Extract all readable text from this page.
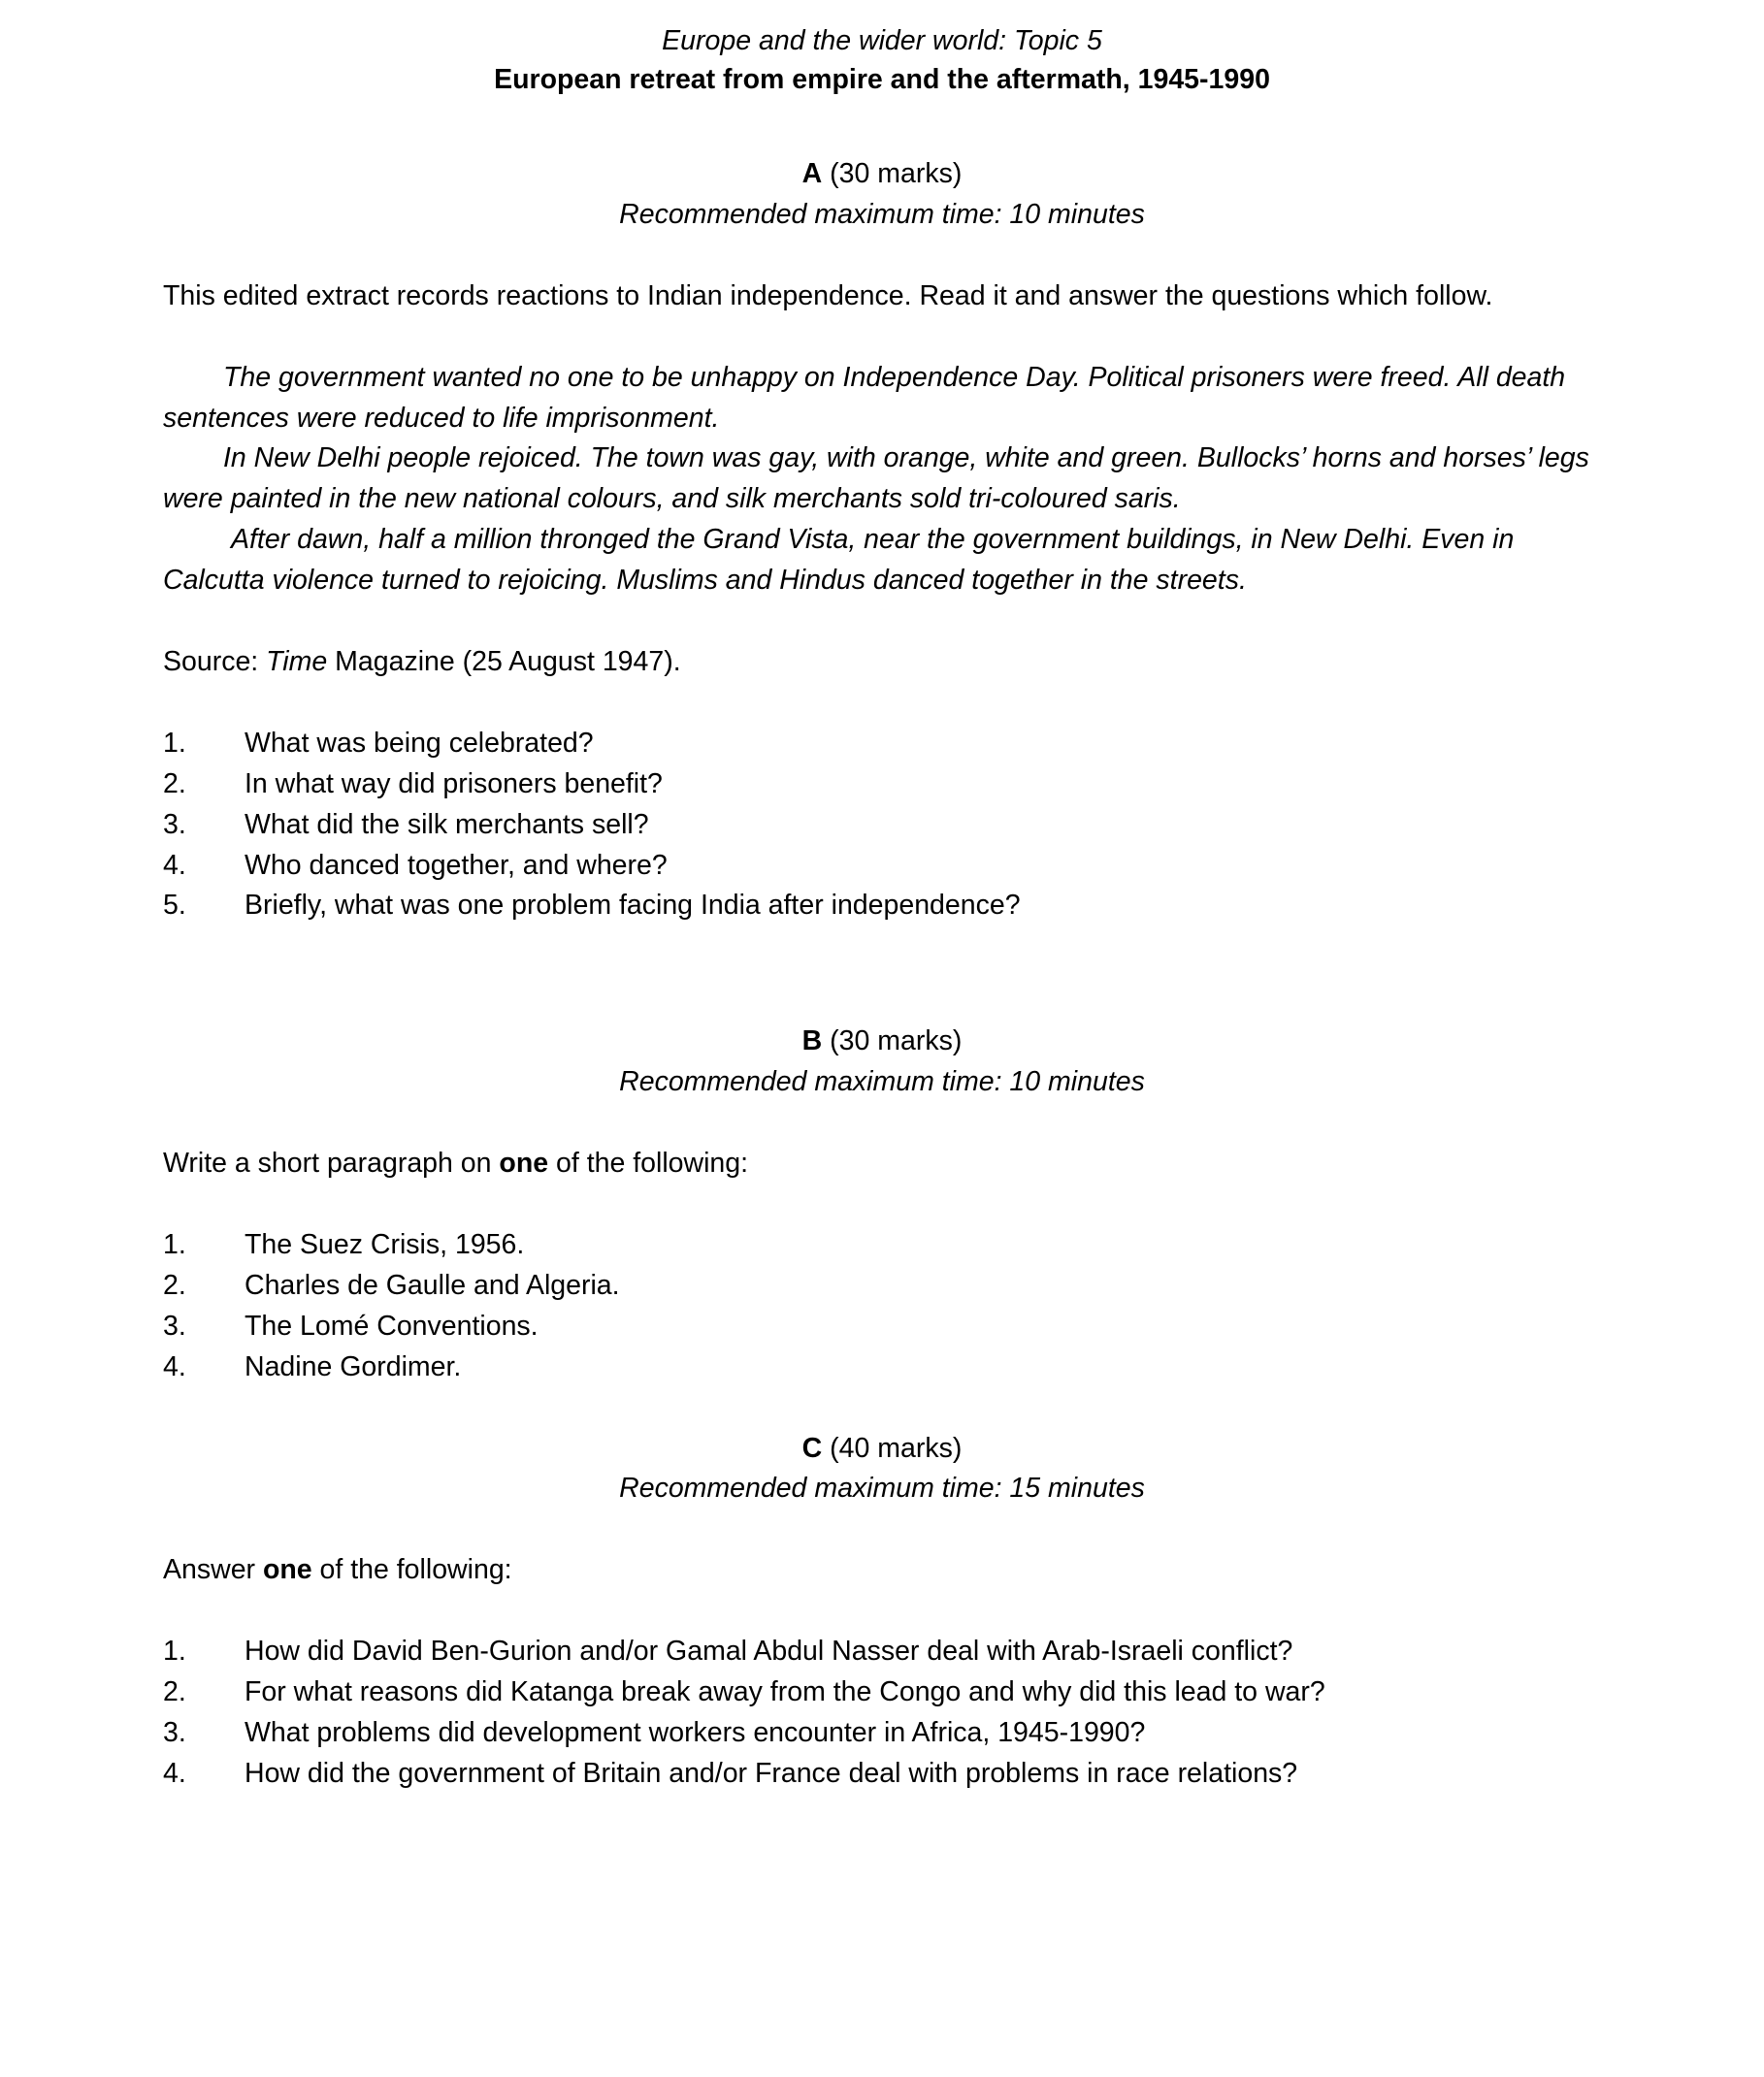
Europe and the wider world: Topic 5
European retreat from empire and the aftermath, 1945-1990
A (30 marks)
Recommended maximum time: 10 minutes
This edited extract records reactions to Indian independence. Read it and answer the questions which follow.

The government wanted no one to be unhappy on Independence Day. Political prisoners were freed. All death sentences were reduced to life imprisonment.

In New Delhi people rejoiced. The town was gay, with orange, white and green. Bullocks’ horns and horses’ legs were painted in the new national colours, and silk merchants sold tri-coloured saris.

After dawn, half a million thronged the Grand Vista, near the government buildings, in New Delhi. Even in Calcutta violence turned to rejoicing. Muslims and Hindus danced together in the streets.

Source: Time Magazine (25 August 1947).
1.	What was being celebrated?
2.	In what way did prisoners benefit?
3.	What did the silk merchants sell?
4.	Who danced together, and where?
5.	Briefly, what was one problem facing India after independence?
B (30 marks)
Recommended maximum time: 10 minutes
Write a short paragraph on one of the following:
1.	The Suez Crisis, 1956.
2.	Charles de Gaulle and Algeria.
3.	The Lomé Conventions.
4.	Nadine Gordimer.
C (40 marks)
Recommended maximum time: 15 minutes
Answer one of the following:
1.	How did David Ben-Gurion and/or Gamal Abdul Nasser deal with Arab-Israeli conflict?
2.	For what reasons did Katanga break away from the Congo and why did this lead to war?
3.	What problems did development workers encounter in Africa, 1945-1990?
4.	How did the government of Britain and/or France deal with problems in race relations?
